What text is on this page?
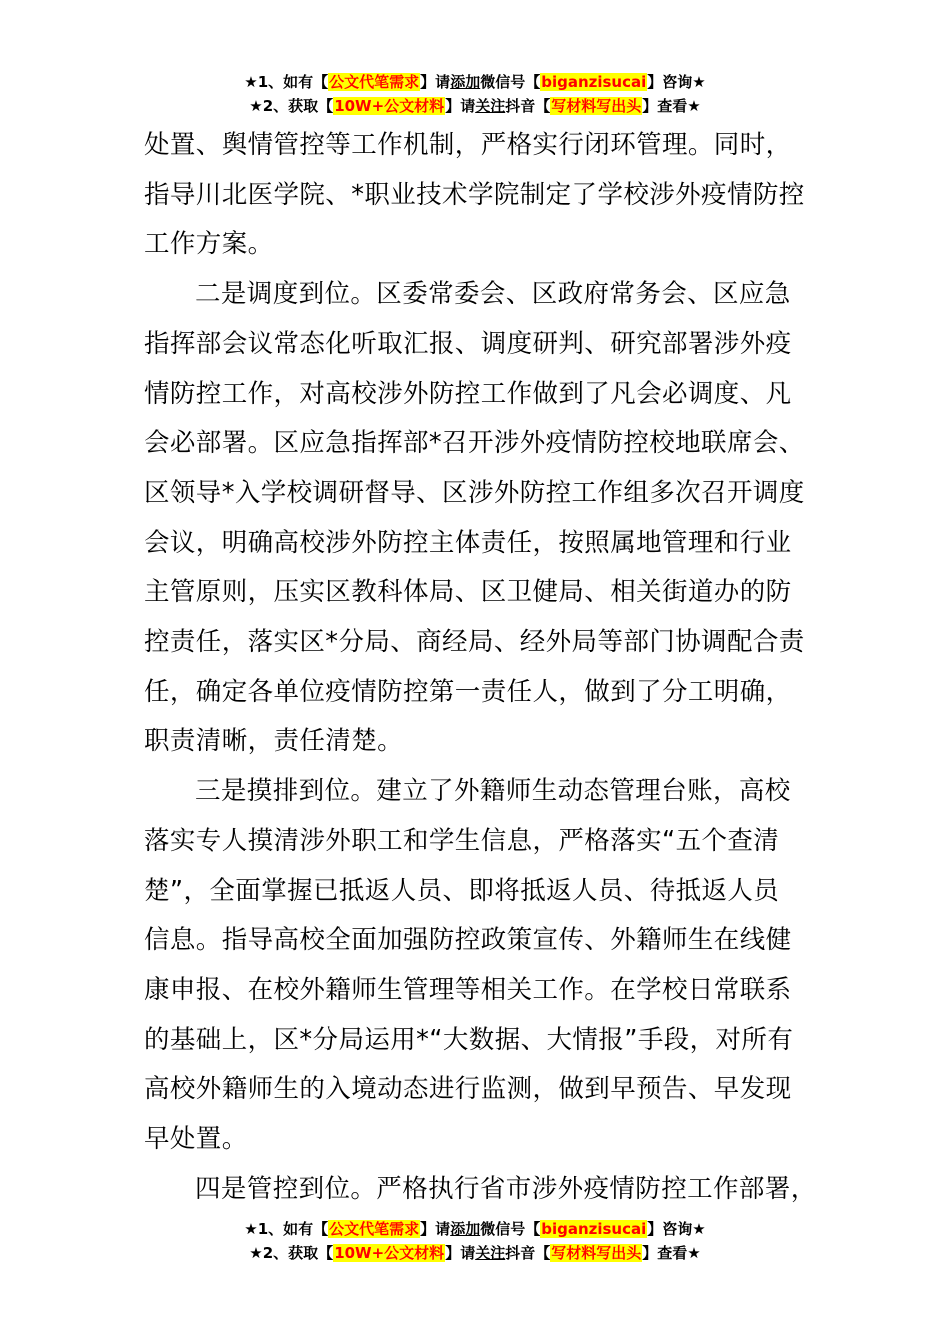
★1、如有【公文代笔需求】请添加微信号【biganzisucai】咨询★
★2、获取【10W+公文材料】请关注抖音【写材料写出头】查看★

处置、舆情管控等工作机制，严格实行闭环管理。同时，
指导川北医学院、*职业技术学院制定了学校涉外疫情防控
工作方案。

二是调度到位。区委常委会、区政府常务会、区应急
指挥部会议常态化听取汇报、调度研判、研究部署涉外疫
情防控工作，对高校涉外防控工作做到了凡会必调度、凡
会必部署。区应急指挥部*召开涉外疫情防控校地联席会、
区领导*入学校调研督导、区涉外防控工作组多次召开调度
会议，明确高校涉外防控主体责任，按照属地管理和行业
主管原则，压实区教科体局、区卫健局、相关街道办的防
控责任，落实区*分局、商经局、经外局等部门协调配合责
任，确定各单位疫情防控第一责任人，做到了分工明确，
职责清晰，责任清楚。

三是摸排到位。建立了外籍师生动态管理台账，高校
落实专人摸清涉外职工和学生信息，严格落实“五个查清
楚”，全面掌握已抵返人员、即将抵返人员、待抵返人员
信息。指导高校全面加强防控政策宣传、外籍师生在线健
康申报、在校外籍师生管理等相关工作。在学校日常联系
的基础上，区*分局运用*“大数据、大情报”手段，对所有
高校外籍师生的入境动态进行监测，做到早预告、早发现
早处置。

四是管控到位。严格执行省市涉外疫情防控工作部署，

★1、如有【公文代笔需求】请添加微信号【biganzisucai】咨询★
★2、获取【10W+公文材料】请关注抖音【写材料写出头】查看★
